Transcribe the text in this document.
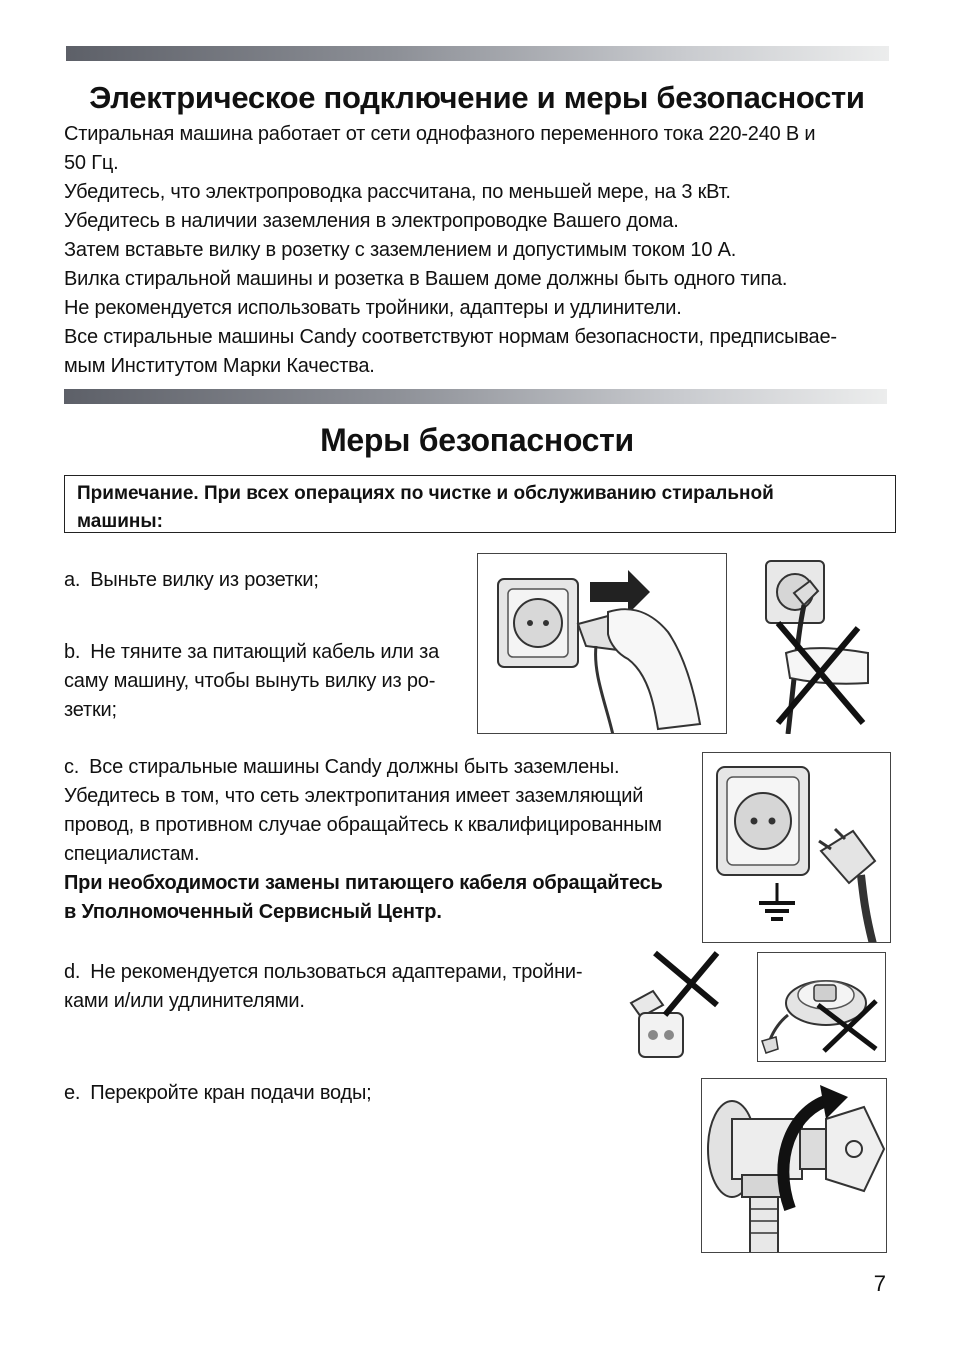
Электрическое подключение и меры безопасности

Стиральная машина работает от сети однофазного переменного тока 220-240 В и

50 Гц.

Убедитесь, что электропроводка рассчитана, по меньшей мере, на 3 кВт.

Убедитесь в наличии заземления в электропроводке Вашего дома.

Затем вставьте вилку в розетку с заземлением и допустимым током 10 А.

Вилка стиральной машины и розетка в Вашем доме должны быть одного типа.

Не рекомендуется использовать тройники, адаптеры и удлинители.

Все стиральные машины Candy соответствуют нормам безопасности, предписывае-

мым Институтом Марки Качества.

Меры безопасности
Примечание. При всех операциях по чистке и обслуживанию стиральной
машины:
a. Выньте вилку из розетки;
b. Не тяните за питающий кабель или за
саму машину, чтобы вынуть вилку из ро-
зетки;
c. Все стиральные машины Candy должны быть заземлены.
Убедитесь в том, что сеть электропитания имеет заземляющий
провод, в противном случае обращайтесь к квалифицированным
специалистам.
При необходимости замены питающего кабеля обращайтесь
в Уполномоченный Сервисный Центр.
d. Не рекомендуется пользоваться адаптерами, тройни-
ками и/или удлинителями.
e. Перекройте кран подачи воды;
7
